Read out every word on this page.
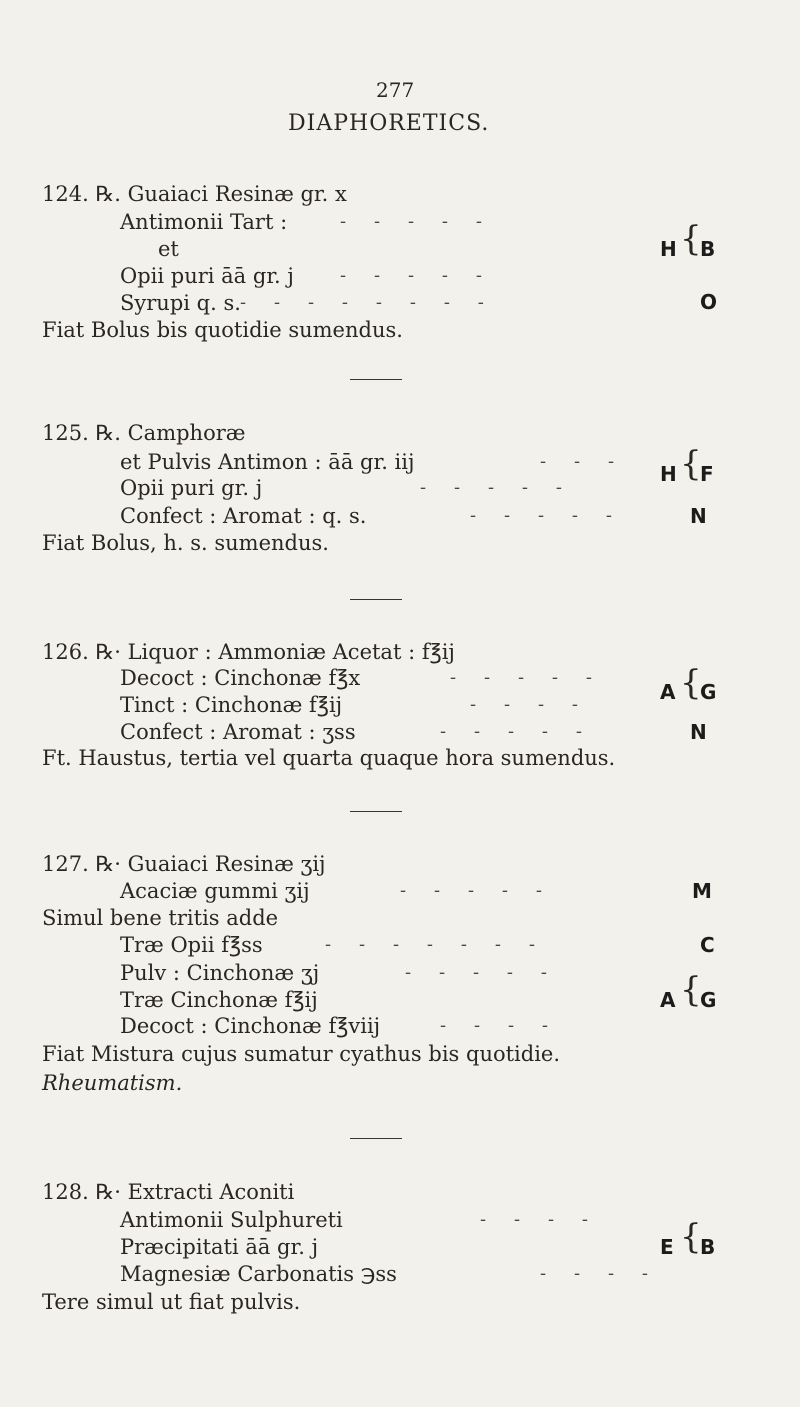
277
DIAPHORETICS.
124. ℞. Guaiaci Resinæ gr. x
Antimonii Tart :
et
Opii puri āā gr. j
Syrupi q. s.
Fiat Bolus bis quotidie sumendus.
-    -    -    -    -
-    -    -    -    -
-    -    -    -    -    -    -    -
H {
B
O
125. ℞. Camphoræ
et Pulvis Antimon : āā gr. iij
Opii puri gr. j
Confect : Aromat : q. s.
Fiat Bolus, h. s. sumendus.
-    -    -
-    -    -    -    -
-    -    -    -    -
H {
F
N
126. ℞· Liquor : Ammoniæ Acetat : f℥ij
Decoct : Cinchonæ f℥x
Tinct : Cinchonæ f℥ij
Confect : Aromat : ʒss
Ft. Haustus, tertia vel quarta quaque hora sumendus.
-    -    -    -    -
-    -    -    -
-    -    -    -    -
A {
G
N
127. ℞· Guaiaci Resinæ ʒij
Acaciæ gummi ʒij
Simul bene tritis adde
Træ Opii f℥ss
Pulv : Cinchonæ ʒj
Træ Cinchonæ f℥ij
Decoct : Cinchonæ f℥viij
Fiat Mistura cujus sumatur cyathus bis quotidie.
Rheumatism.
-    -    -    -    -
-    -    -    -    -    -    -
-    -    -    -    -
-    -    -    -
M
C
A {
G
128. ℞· Extracti Aconiti
Antimonii Sulphureti
Præcipitati āā gr. j
Magnesiæ Carbonatis ℈ss
Tere simul ut fiat pulvis.
-    -    -    -
-    -    -    -
E {
B
